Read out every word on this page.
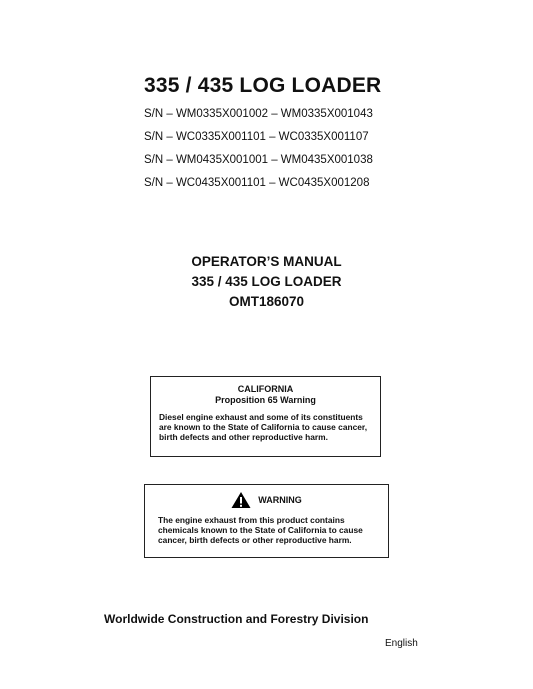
335 / 435 LOG LOADER
S/N – WM0335X001002 – WM0335X001043
S/N – WC0335X001101 – WC0335X001107
S/N – WM0435X001001 – WM0435X001038
S/N – WC0435X001101 – WC0435X001208
OPERATOR’S MANUAL
335 / 435 LOG LOADER
OMT186070
CALIFORNIA
Proposition 65 Warning
Diesel engine exhaust and some of its constituents
are known to the State of California to cause cancer,
birth defects and other reproductive harm.
WARNING
The engine exhaust from this product contains
chemicals known to the State of California to cause
cancer, birth defects or other reproductive harm.
Worldwide Construction and Forestry Division
English
